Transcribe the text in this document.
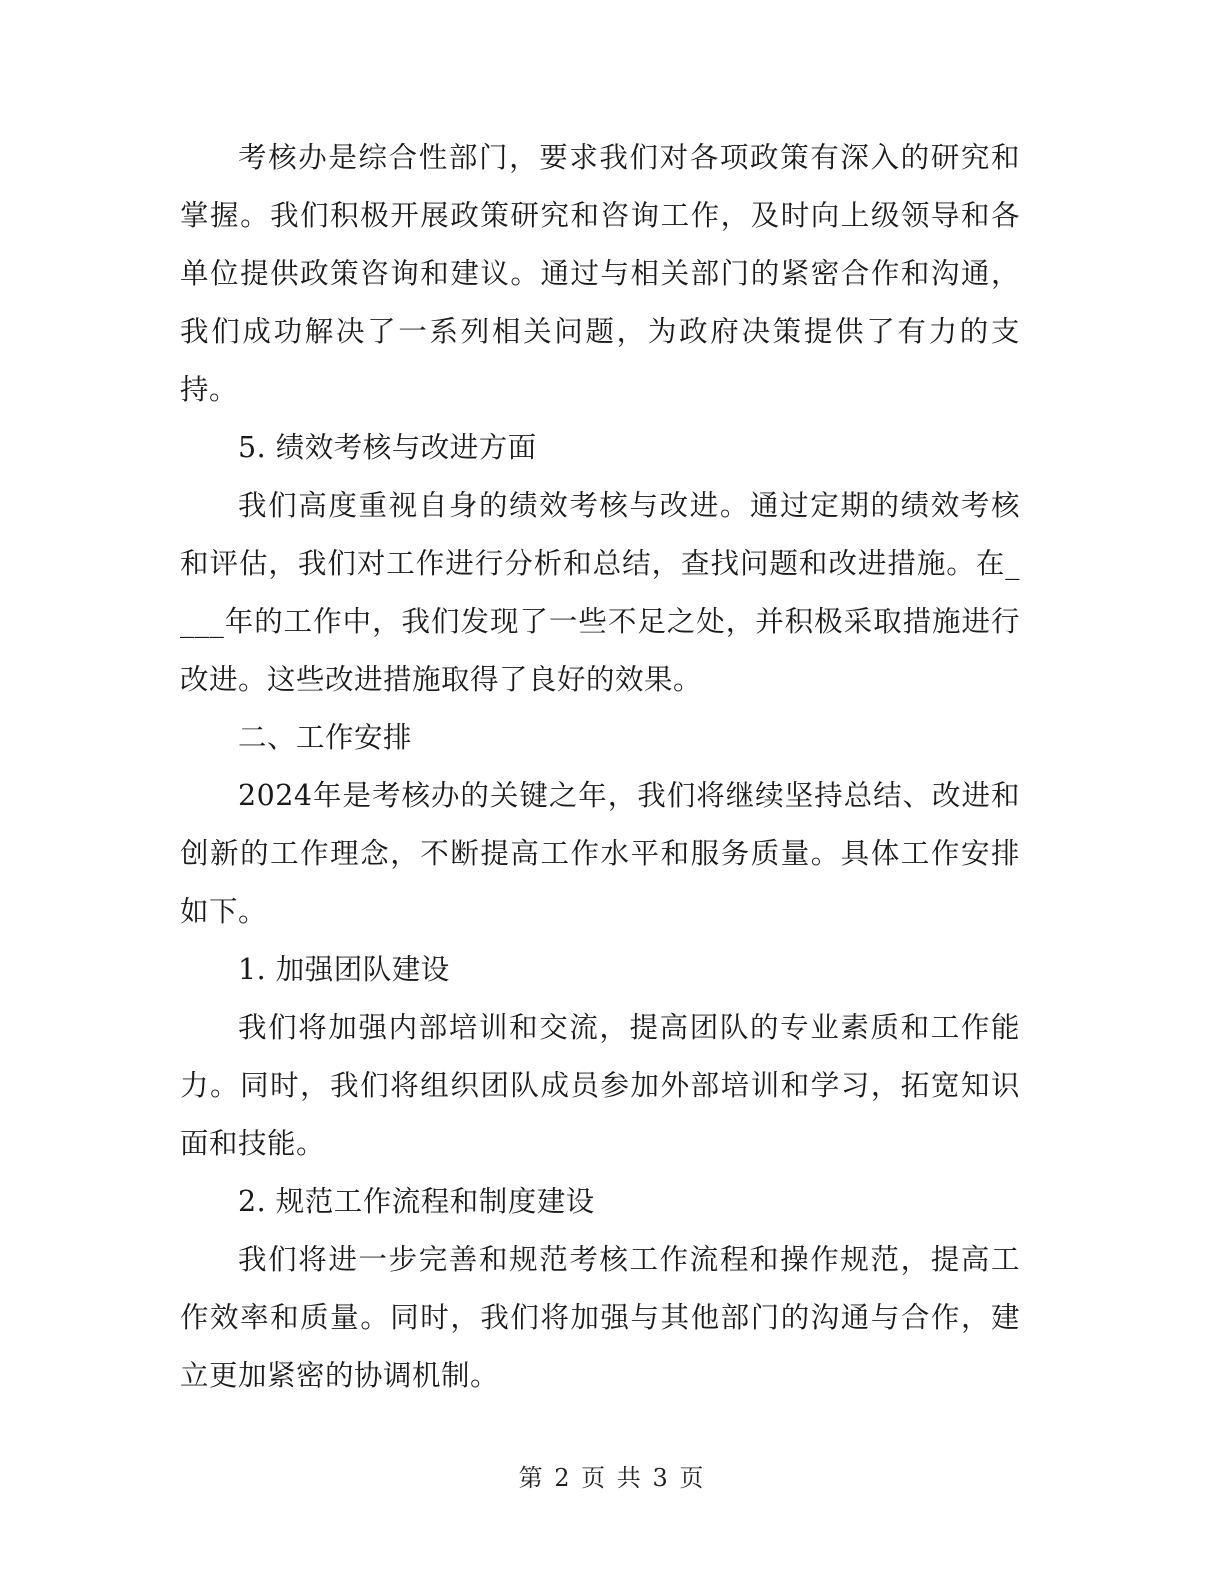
考核办是综合性部门，要求我们对各项政策有深入的研究和掌握。我们积极开展政策研究和咨询工作，及时向上级领导和各单位提供政策咨询和建议。通过与相关部门的紧密合作和沟通，我们成功解决了一系列相关问题，为政府决策提供了有力的支持。

5. 绩效考核与改进方面

我们高度重视自身的绩效考核与改进。通过定期的绩效考核和评估，我们对工作进行分析和总结，查找问题和改进措施。在____年的工作中，我们发现了一些不足之处，并积极采取措施进行改进。这些改进措施取得了良好的效果。

二、工作安排

2024年是考核办的关键之年，我们将继续坚持总结、改进和创新的工作理念，不断提高工作水平和服务质量。具体工作安排如下。

1. 加强团队建设

我们将加强内部培训和交流，提高团队的专业素质和工作能力。同时，我们将组织团队成员参加外部培训和学习，拓宽知识面和技能。

2. 规范工作流程和制度建设

我们将进一步完善和规范考核工作流程和操作规范，提高工作效率和质量。同时，我们将加强与其他部门的沟通与合作，建立更加紧密的协调机制。

第 2 页 共 3 页
